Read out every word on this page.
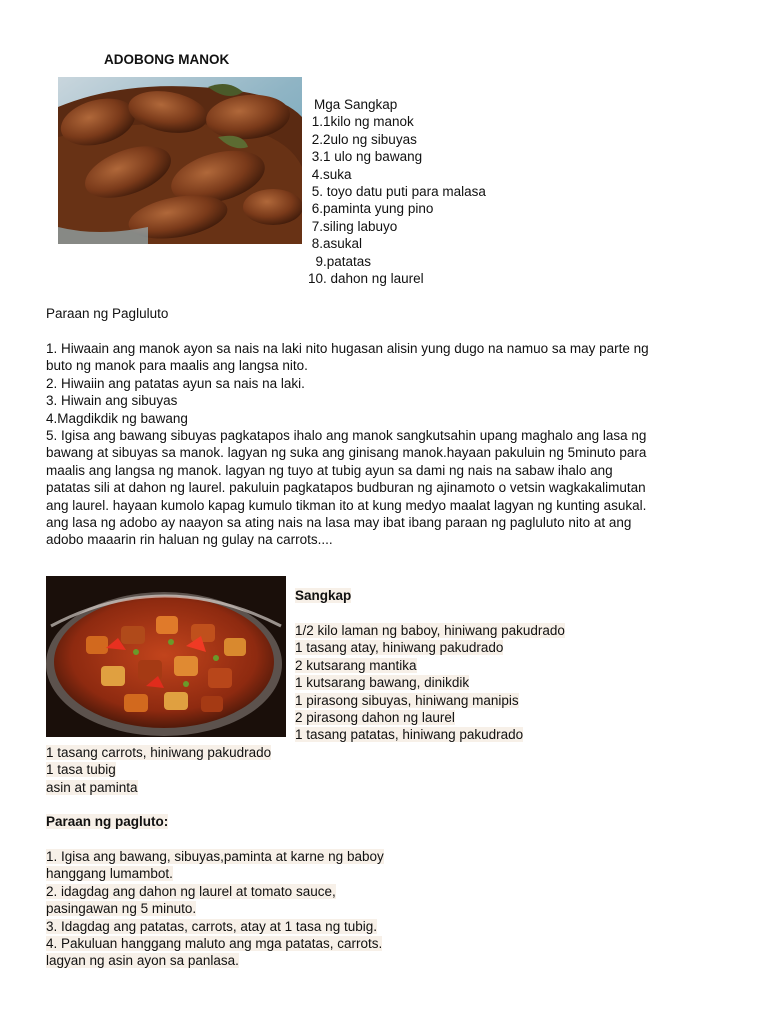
ADOBONG MANOK
Mga Sangkap
1.1kilo ng manok
2.2ulo ng sibuyas
3.1 ulo ng bawang
4.suka
5. toyo datu puti para malasa
6.paminta yung pino
7.siling labuyo
8.asukal
9.patatas
10. dahon ng laurel
Paraan ng Pagluluto
1. Hiwaain ang manok ayon sa nais na laki nito hugasan alisin yung dugo na namuo sa may parte ng
buto ng manok para maalis ang langsa nito.
2. Hiwaiin ang patatas ayun sa nais na laki.
3. Hiwain ang sibuyas
4.Magdikdik ng bawang
5. Igisa ang bawang sibuyas pagkatapos ihalo ang manok sangkutsahin upang maghalo ang lasa ng
bawang at sibuyas sa manok. lagyan ng suka ang ginisang manok.hayaan pakuluin ng 5minuto para
maalis ang langsa ng manok. lagyan ng tuyo at tubig ayun sa dami ng nais na sabaw ihalo ang
patatas sili at dahon ng laurel. pakuluin pagkatapos budburan ng ajinamoto o vetsin wagkakalimutan
ang laurel. hayaan kumolo kapag kumulo tikman ito at kung medyo maalat lagyan ng kunting asukal.
ang lasa ng adobo ay naayon sa ating nais na lasa may ibat ibang paraan ng pagluluto nito at ang
adobo maaarin rin haluan ng gulay na carrots....
Sangkap
1/2 kilo laman ng baboy, hiniwang pakudrado
1 tasang atay, hiniwang pakudrado
2 kutsarang mantika
1 kutsarang bawang, dinikdik
1 pirasong sibuyas, hiniwang manipis
2 pirasong dahon ng laurel
1 tasang patatas, hiniwang pakudrado
1 tasang carrots, hiniwang pakudrado
1 tasa tubig
asin at paminta
Paraan ng pagluto:
1. Igisa ang bawang, sibuyas,paminta at karne ng baboy
hanggang lumambot.
2. idagdag ang dahon ng laurel at tomato sauce,
pasingawan ng 5 minuto.
3. Idagdag ang patatas, carrots, atay at 1 tasa ng tubig.
4. Pakuluan hanggang maluto ang mga patatas, carrots.
lagyan ng asin ayon sa panlasa.
